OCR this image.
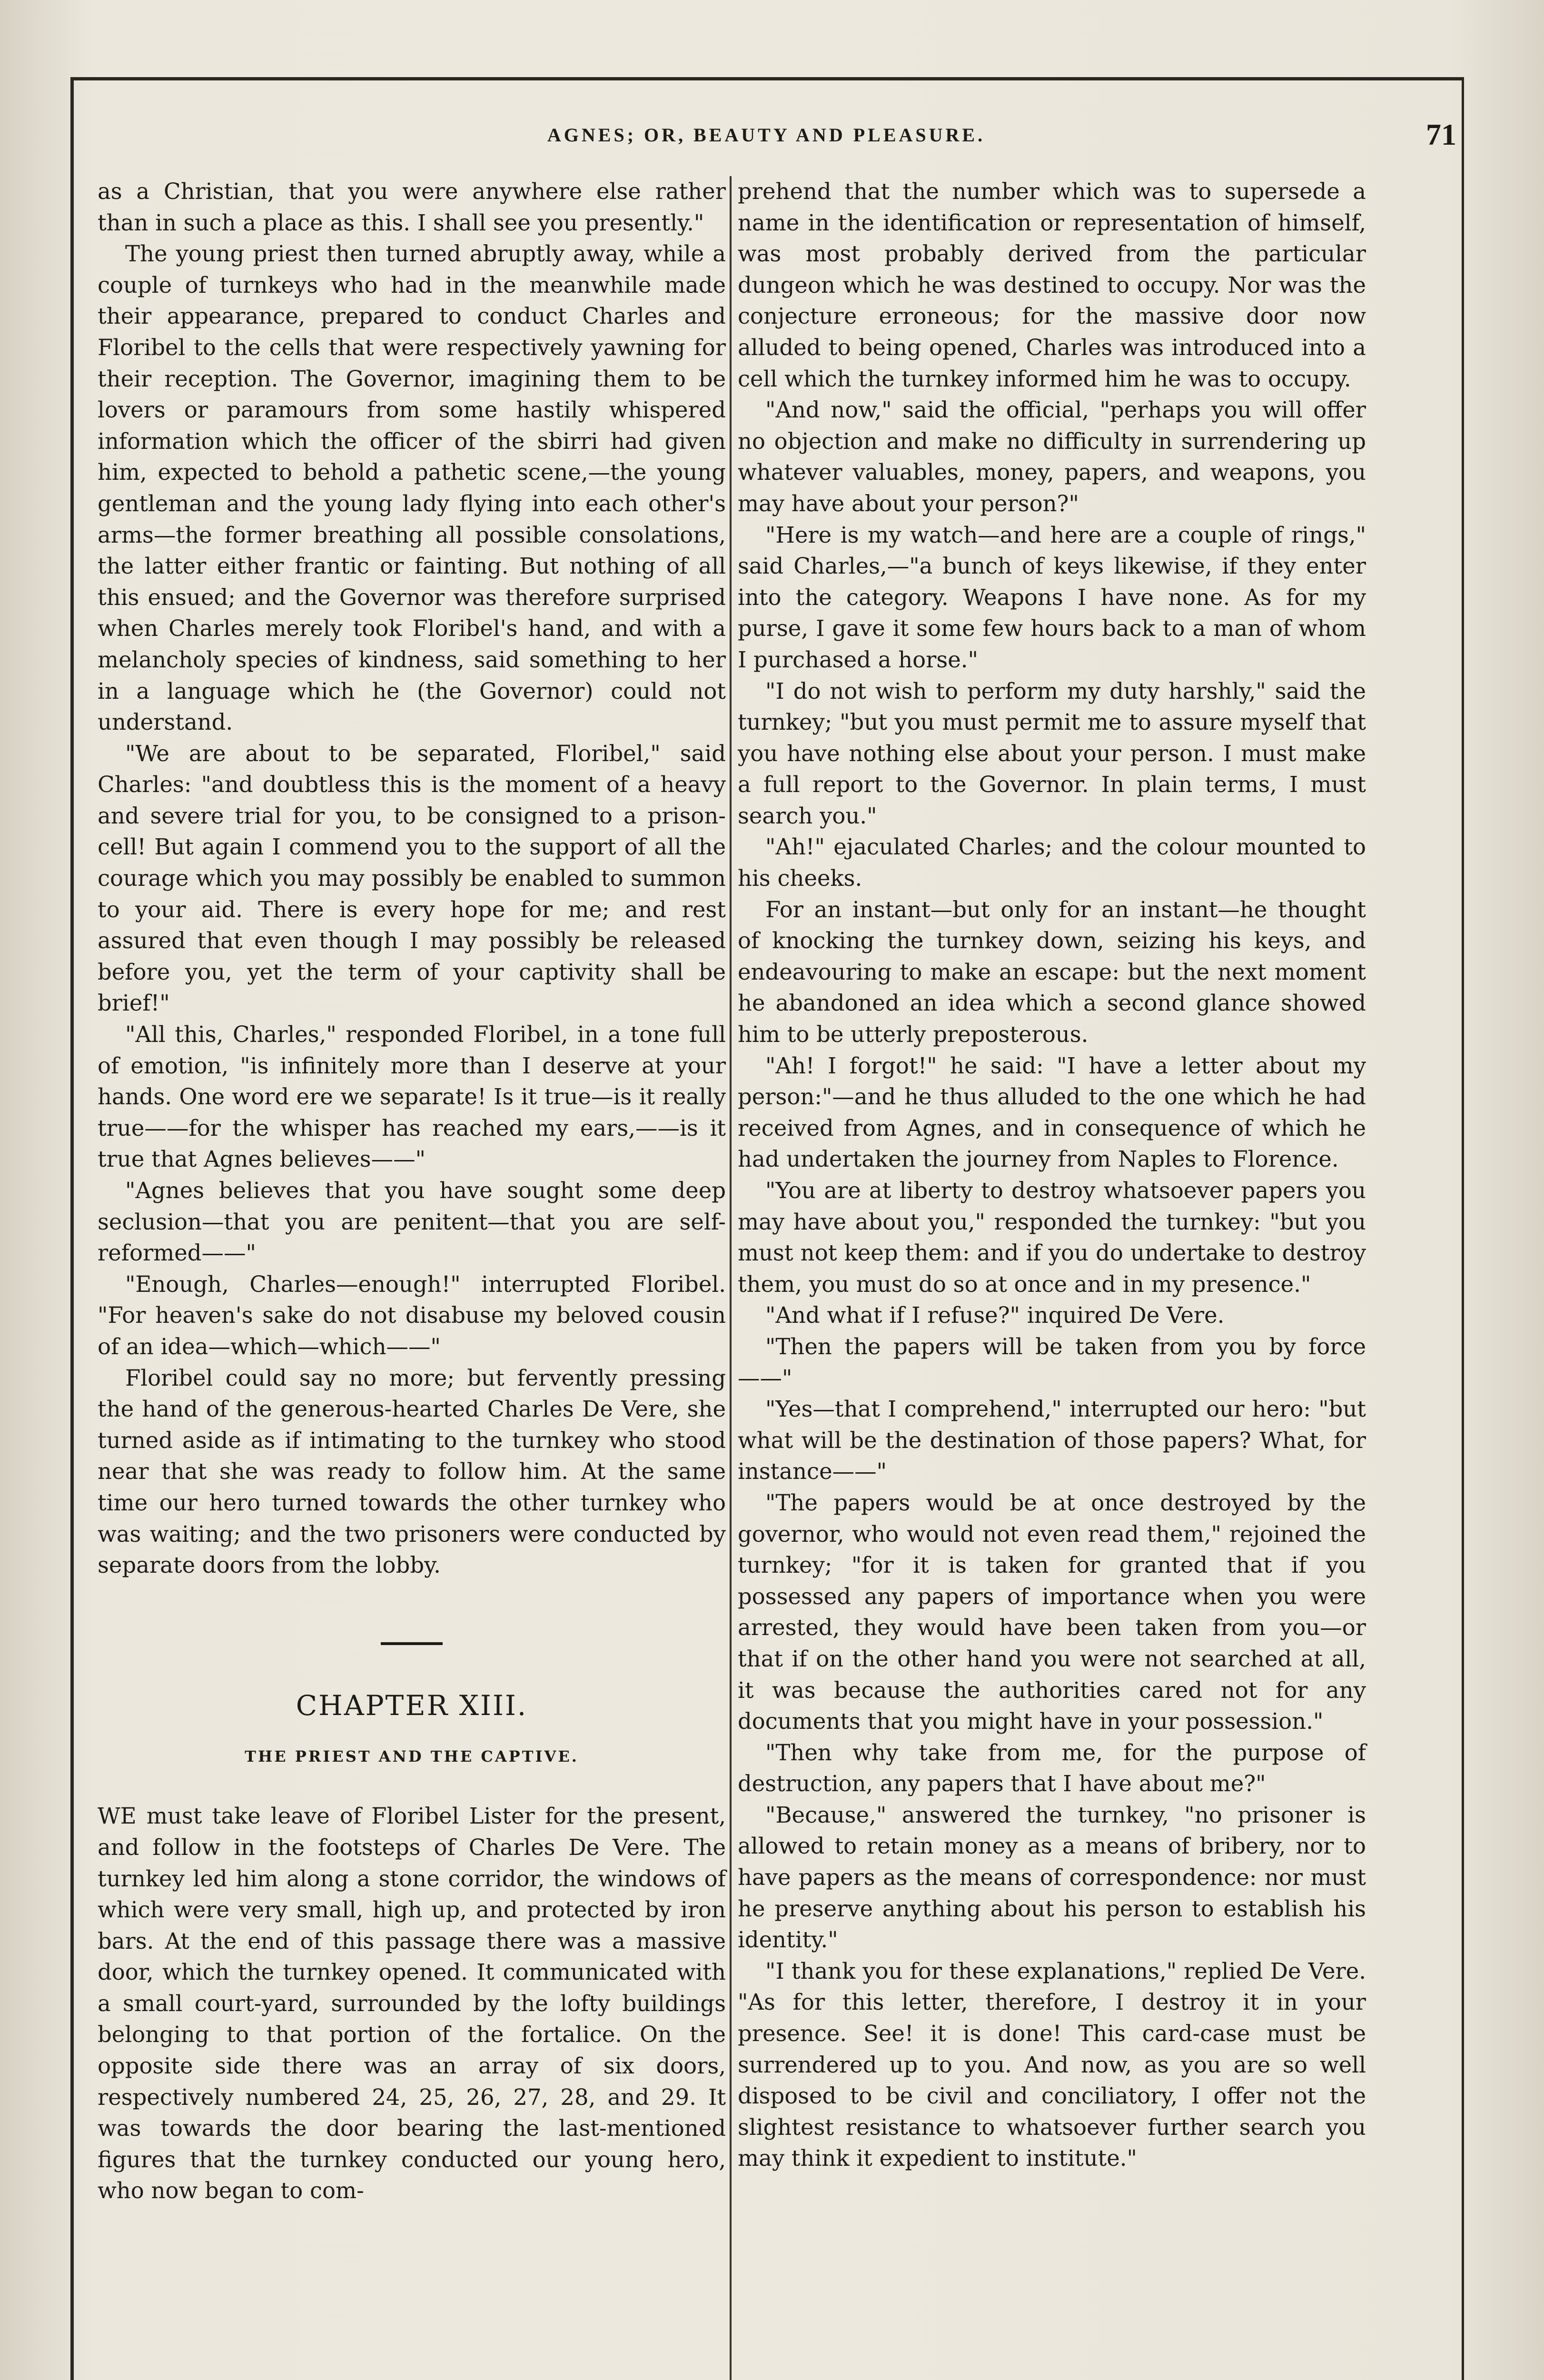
AGNES; OR, BEAUTY AND PLEASURE.	71

as a Christian, that you were anywhere else rather than in such a place as this. I shall see you presently."

The young priest then turned abruptly away, while a couple of turnkeys who had in the meanwhile made their appearance, prepared to conduct Charles and Floribel to the cells that were respectively yawning for their reception. The Governor, imagining them to be lovers or paramours from some hastily whispered information which the officer of the sbirri had given him, expected to behold a pathetic scene,—the young gentleman and the young lady flying into each other's arms—the former breathing all possible consolations, the latter either frantic or fainting. But nothing of all this ensued; and the Governor was therefore surprised when Charles merely took Floribel's hand, and with a melancholy species of kindness, said something to her in a language which he (the Governor) could not understand.

"We are about to be separated, Floribel," said Charles: "and doubtless this is the moment of a heavy and severe trial for you, to be consigned to a prison-cell! But again I commend you to the support of all the courage which you may possibly be enabled to summon to your aid. There is every hope for me; and rest assured that even though I may possibly be released before you, yet the term of your captivity shall be brief!"

"All this, Charles," responded Floribel, in a tone full of emotion, "is infinitely more than I deserve at your hands. One word ere we separate! Is it true—is it really true——for the whisper has reached my ears,——is it true that Agnes believes——"

"Agnes believes that you have sought some deep seclusion—that you are penitent—that you are self-reformed——"

"Enough, Charles—enough!" interrupted Floribel. "For heaven's sake do not disabuse my beloved cousin of an idea—which—which——"

Floribel could say no more; but fervently pressing the hand of the generous-hearted Charles De Vere, she turned aside as if intimating to the turnkey who stood near that she was ready to follow him. At the same time our hero turned towards the other turnkey who was waiting; and the two prisoners were conducted by separate doors from the lobby.

CHAPTER XIII.
THE PRIEST AND THE CAPTIVE.

WE must take leave of Floribel Lister for the present, and follow in the footsteps of Charles De Vere. The turnkey led him along a stone corridor, the windows of which were very small, high up, and protected by iron bars. At the end of this passage there was a massive door, which the turnkey opened. It communicated with a small court-yard, surrounded by the lofty buildings belonging to that portion of the fortalice. On the opposite side there was an array of six doors, respectively numbered 24, 25, 26, 27, 28, and 29. It was towards the door bearing the last-mentioned figures that the turnkey conducted our young hero, who now began to com-

prehend that the number which was to supersede a name in the identification or representation of himself, was most probably derived from the particular dungeon which he was destined to occupy. Nor was the conjecture erroneous; for the massive door now alluded to being opened, Charles was introduced into a cell which the turnkey informed him he was to occupy.

"And now," said the official, "perhaps you will offer no objection and make no difficulty in surrendering up whatever valuables, money, papers, and weapons, you may have about your person?"

"Here is my watch—and here are a couple of rings," said Charles,—"a bunch of keys likewise, if they enter into the category. Weapons I have none. As for my purse, I gave it some few hours back to a man of whom I purchased a horse."

"I do not wish to perform my duty harshly," said the turnkey; "but you must permit me to assure myself that you have nothing else about your person. I must make a full report to the Governor. In plain terms, I must search you."

"Ah!" ejaculated Charles; and the colour mounted to his cheeks.

For an instant—but only for an instant—he thought of knocking the turnkey down, seizing his keys, and endeavouring to make an escape: but the next moment he abandoned an idea which a second glance showed him to be utterly preposterous.

"Ah! I forgot!" he said: "I have a letter about my person:"—and he thus alluded to the one which he had received from Agnes, and in consequence of which he had undertaken the journey from Naples to Florence.

"You are at liberty to destroy whatsoever papers you may have about you," responded the turnkey: "but you must not keep them: and if you do undertake to destroy them, you must do so at once and in my presence."

"And what if I refuse?" inquired De Vere.

"Then the papers will be taken from you by force——"

"Yes—that I comprehend," interrupted our hero: "but what will be the destination of those papers? What, for instance——"

"The papers would be at once destroyed by the governor, who would not even read them," rejoined the turnkey; "for it is taken for granted that if you possessed any papers of importance when you were arrested, they would have been taken from you—or that if on the other hand you were not searched at all, it was because the authorities cared not for any documents that you might have in your possession."

"Then why take from me, for the purpose of destruction, any papers that I have about me?"

"Because," answered the turnkey, "no prisoner is allowed to retain money as a means of bribery, nor to have papers as the means of correspondence: nor must he preserve anything about his person to establish his identity."

"I thank you for these explanations," replied De Vere. "As for this letter, therefore, I destroy it in your presence. See! it is done! This card-case must be surrendered up to you. And now, as you are so well disposed to be civil and conciliatory, I offer not the slightest resistance to whatsoever further search you may think it expedient to institute."
